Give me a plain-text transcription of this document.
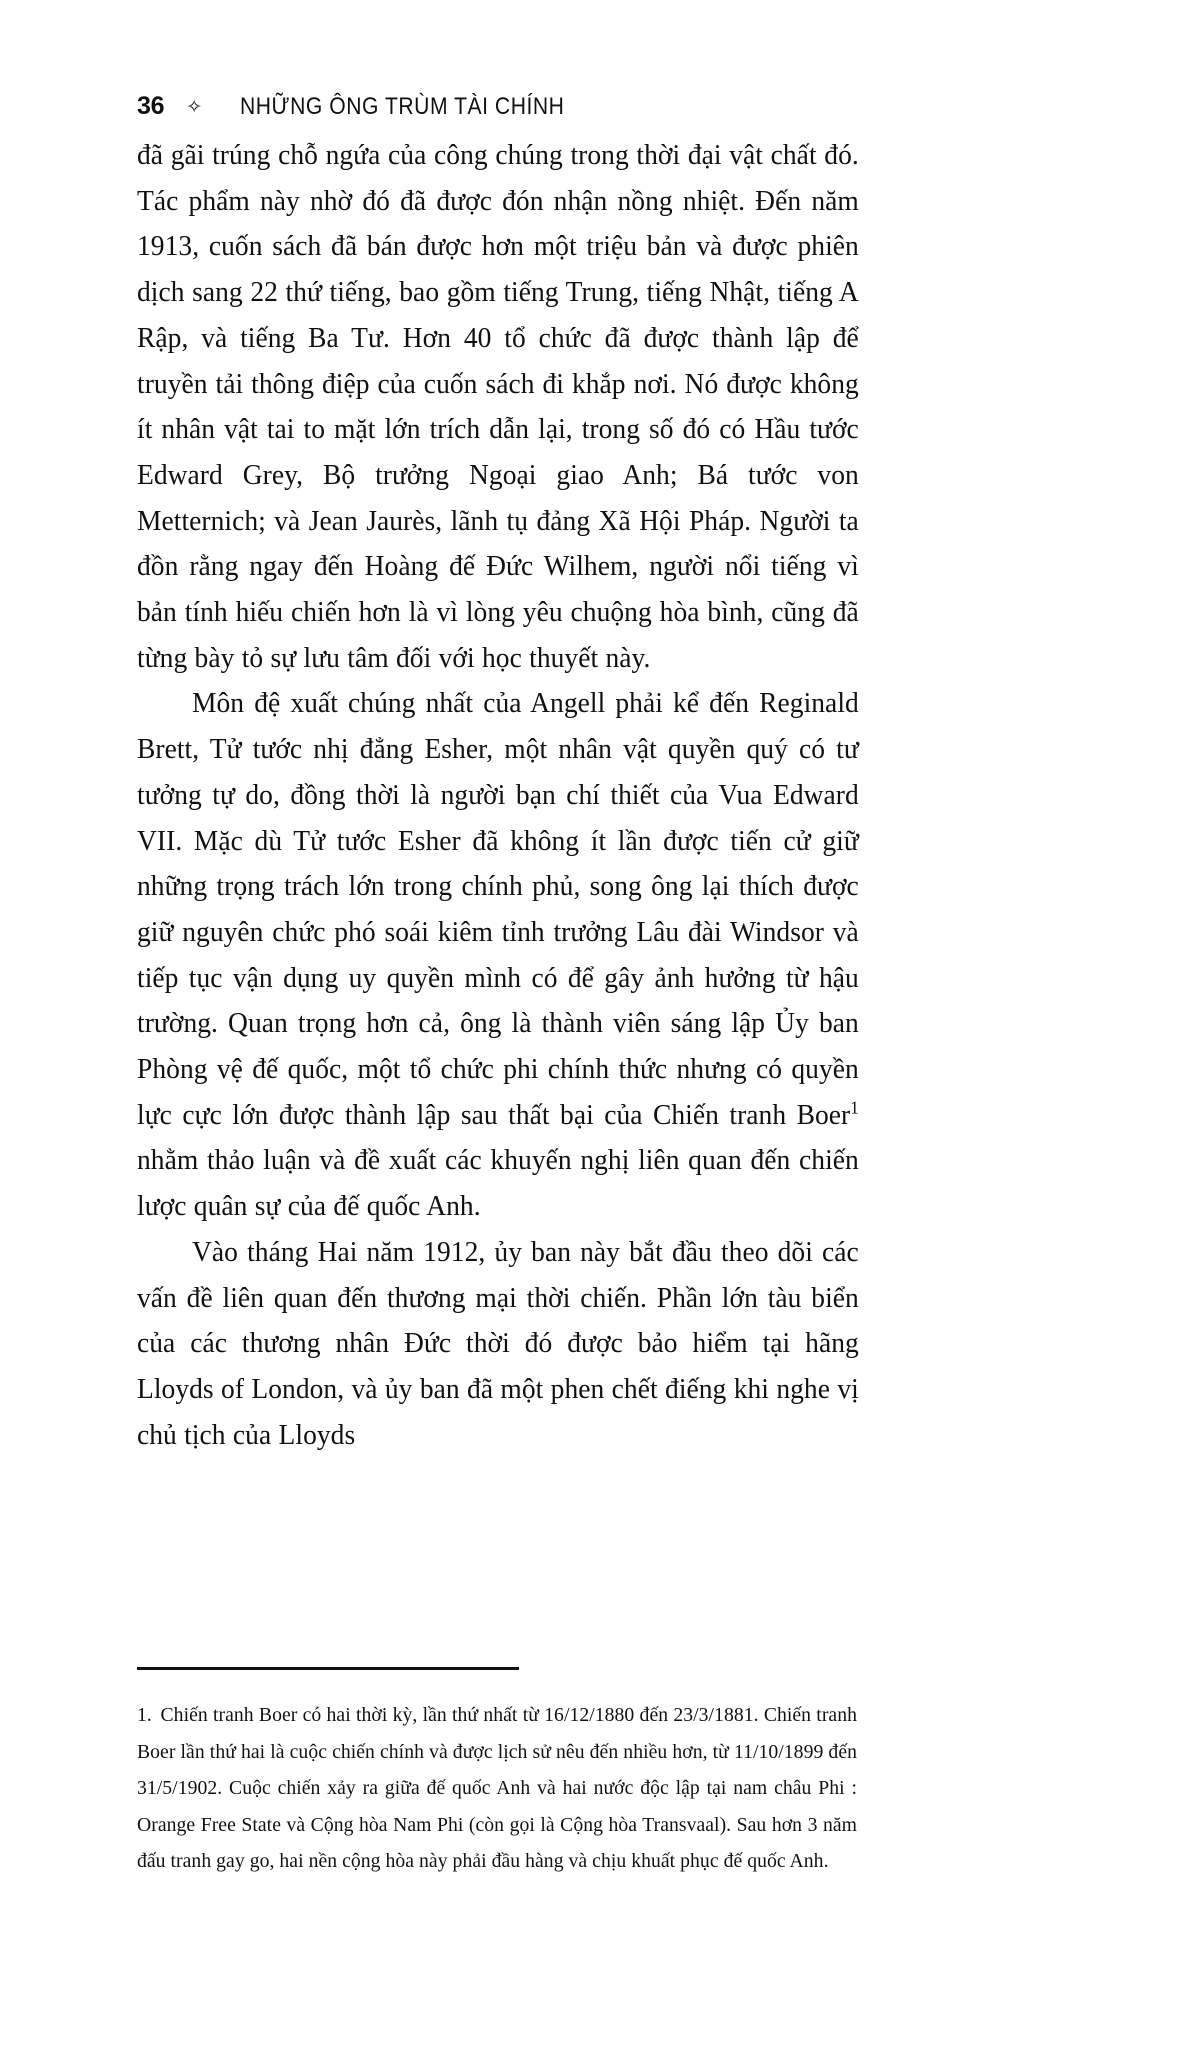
36 ✧ NHỮNG ÔNG TRÙM TÀI CHÍNH

đã gãi trúng chỗ ngứa của công chúng trong thời đại vật chất đó. Tác phẩm này nhờ đó đã được đón nhận nồng nhiệt. Đến năm 1913, cuốn sách đã bán được hơn một triệu bản và được phiên dịch sang 22 thứ tiếng, bao gồm tiếng Trung, tiếng Nhật, tiếng A Rập, và tiếng Ba Tư. Hơn 40 tổ chức đã được thành lập để truyền tải thông điệp của cuốn sách đi khắp nơi. Nó được không ít nhân vật tai to mặt lớn trích dẫn lại, trong số đó có Hầu tước Edward Grey, Bộ trưởng Ngoại giao Anh; Bá tước von Metternich; và Jean Jaurès, lãnh tụ đảng Xã Hội Pháp. Người ta đồn rằng ngay đến Hoàng đế Đức Wilhem, người nổi tiếng vì bản tính hiếu chiến hơn là vì lòng yêu chuộng hòa bình, cũng đã từng bày tỏ sự lưu tâm đối với học thuyết này.

Môn đệ xuất chúng nhất của Angell phải kể đến Reginald Brett, Tử tước nhị đẳng Esher, một nhân vật quyền quý có tư tưởng tự do, đồng thời là người bạn chí thiết của Vua Edward VII. Mặc dù Tử tước Esher đã không ít lần được tiến cử giữ những trọng trách lớn trong chính phủ, song ông lại thích được giữ nguyên chức phó soái kiêm tỉnh trưởng Lâu đài Windsor và tiếp tục vận dụng uy quyền mình có để gây ảnh hưởng từ hậu trường. Quan trọng hơn cả, ông là thành viên sáng lập Ủy ban Phòng vệ đế quốc, một tổ chức phi chính thức nhưng có quyền lực cực lớn được thành lập sau thất bại của Chiến tranh Boer$^1$ nhằm thảo luận và đề xuất các khuyến nghị liên quan đến chiến lược quân sự của đế quốc Anh.

Vào tháng Hai năm 1912, ủy ban này bắt đầu theo dõi các vấn đề liên quan đến thương mại thời chiến. Phần lớn tàu biển của các thương nhân Đức thời đó được bảo hiểm tại hãng Lloyds of London, và ủy ban đã một phen chết điếng khi nghe vị chủ tịch của Lloyds

1. Chiến tranh Boer có hai thời kỳ, lần thứ nhất từ 16/12/1880 đến 23/3/1881. Chiến tranh Boer lần thứ hai là cuộc chiến chính và được lịch sử nêu đến nhiều hơn, từ 11/10/1899 đến 31/5/1902. Cuộc chiến xảy ra giữa đế quốc Anh và hai nước độc lập tại nam châu Phi : Orange Free State và Cộng hòa Nam Phi (còn gọi là Cộng hòa Transvaal). Sau hơn 3 năm đấu tranh gay go, hai nền cộng hòa này phải đầu hàng và chịu khuất phục đế quốc Anh.
